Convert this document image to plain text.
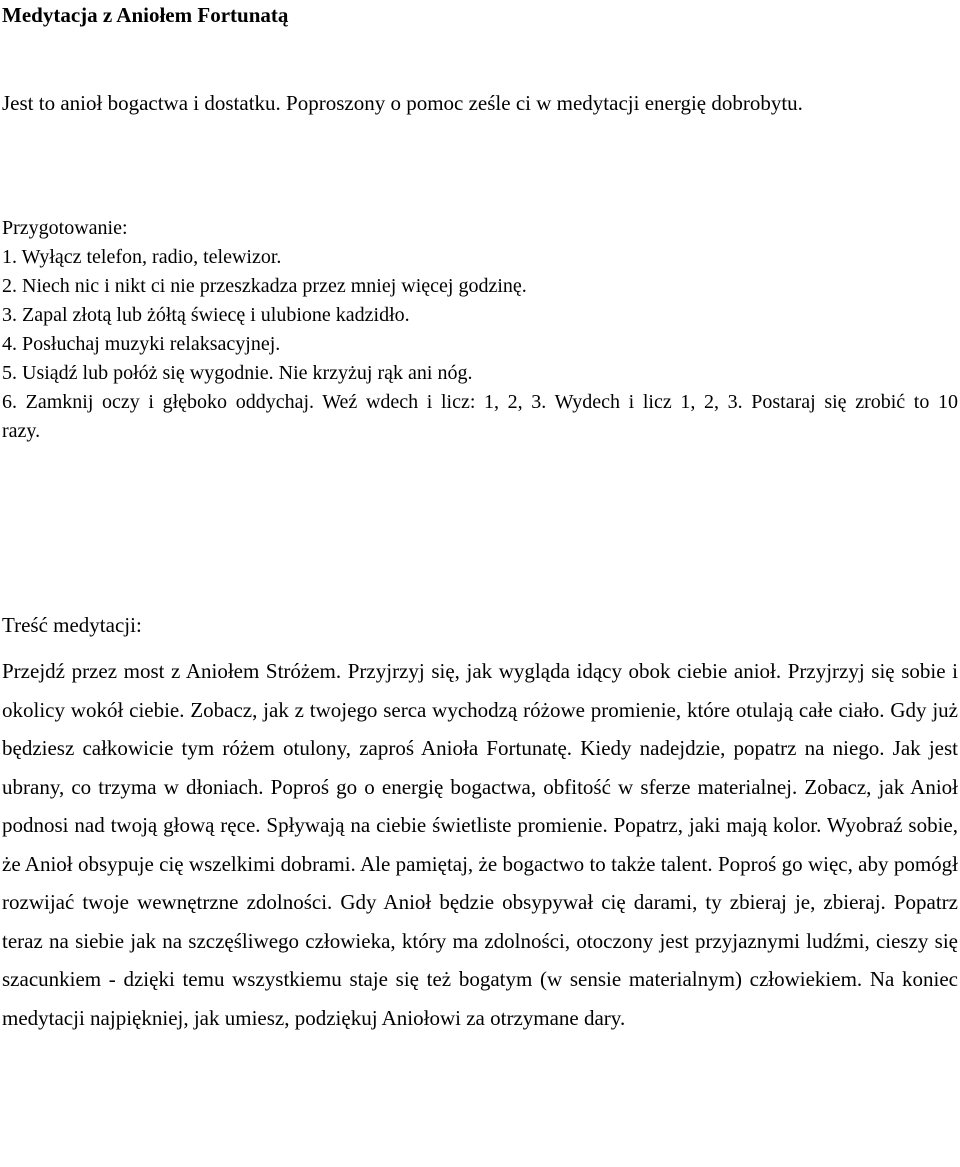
Medytacja z Aniołem Fortunatą

Jest to anioł bogactwa i dostatku. Poproszony o pomoc ześle ci w medytacji energię dobrobytu.

Przygotowanie:
1. Wyłącz telefon, radio, telewizor.
2. Niech nic i nikt ci nie przeszkadza przez mniej więcej godzinę.
3. Zapal złotą lub żółtą świecę i ulubione kadzidło.
4. Posłuchaj muzyki relaksacyjnej.
5. Usiądź lub połóż się wygodnie. Nie krzyżuj rąk ani nóg.
6. Zamknij oczy i głęboko oddychaj. Weź wdech i licz: 1, 2, 3. Wydech i licz 1, 2, 3. Postaraj się zrobić to 10 razy.
Treść medytacji:

Przejdź przez most z Aniołem Stróżem. Przyjrzyj się, jak wygląda idący obok ciebie anioł. Przyjrzyj się sobie i okolicy wokół ciebie. Zobacz, jak z twojego serca wychodzą różowe promienie, które otulają całe ciało. Gdy już będziesz całkowicie tym różem otulony, zaproś Anioła Fortunatę. Kiedy nadejdzie, popatrz na niego. Jak jest ubrany, co trzyma w dłoniach. Poproś go o energię bogactwa, obfitość w sferze materialnej. Zobacz, jak Anioł podnosi nad twoją głową ręce. Spływają na ciebie świetliste promienie. Popatrz, jaki mają kolor. Wyobraź sobie, że Anioł obsypuje cię wszelkimi dobrami. Ale pamiętaj, że bogactwo to także talent. Poproś go więc, aby pomógł rozwijać twoje wewnętrzne zdolności. Gdy Anioł będzie obsypywał cię darami, ty zbieraj je, zbieraj. Popatrz teraz na siebie jak na szczęśliwego człowieka, który ma zdolności, otoczony jest przyjaznymi ludźmi, cieszy się szacunkiem - dzięki temu wszystkiemu staje się też bogatym (w sensie materialnym) człowiekiem. Na koniec medytacji najpiękniej, jak umiesz, podziękuj Aniołowi za otrzymane dary.
